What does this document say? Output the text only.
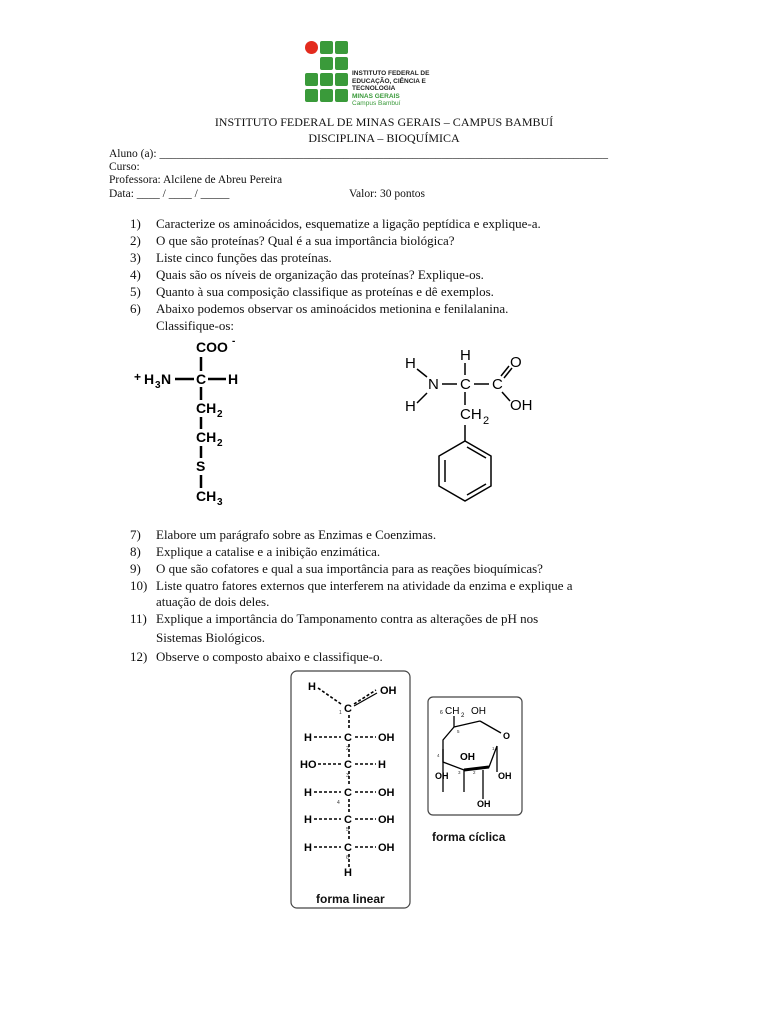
INSTITUTO FEDERAL DE
EDUCAÇÃO, CIÊNCIA E TECNOLOGIA
MINAS GERAIS
Campus Bambuí
INSTITUTO FEDERAL DE MINAS GERAIS – CAMPUS BAMBUÍ
DISCIPLINA – BIOQUÍMICA
Aluno (a): ______________________________________________________________________________
Curso:
Professora: Alcilene de Abreu Pereira
Data: ____ / ____ / _____	Valor: 30 pontos
1) Caracterize os aminoácidos, esquematize a ligação peptídica e explique-a.
2) O que são proteínas? Qual é a sua importância biológica?
3) Liste cinco funções das proteínas.
4) Quais são os níveis de organização das proteínas? Explique-os.
5) Quanto à sua composição classifique as proteínas e dê exemplos.
6) Abaixo podemos observar os aminoácidos metionina e fenilalanina.
Classifique-os:
COO -
+ H 3 N C H
CH 2
CH 2
S
CH 3
H
H
N C C
O
H	OH
CH 2
7) Elabore um parágrafo sobre as Enzimas e Coenzimas.
8) Explique a catalise e a inibição enzimática.
9) O que são cofatores e qual a sua importância para as reações bioquímicas?
10) Liste quatro fatores externos que interferem na atividade da enzima e explique a
atuação de dois deles.
11) Explique a importância do Tamponamento contra as alterações de pH nos
Sistemas Biológicos.
12) Observe o composto abaixo e classifique-o.
H	OH
C
H	C OH
HO	C H
H	C OH
H	C OH
H	C OH
H
1
2
3
4
5
6
forma linear
6 CH 2 OH
O
OH
OH	OH
OH
5
4
3	2
1
forma cíclica
